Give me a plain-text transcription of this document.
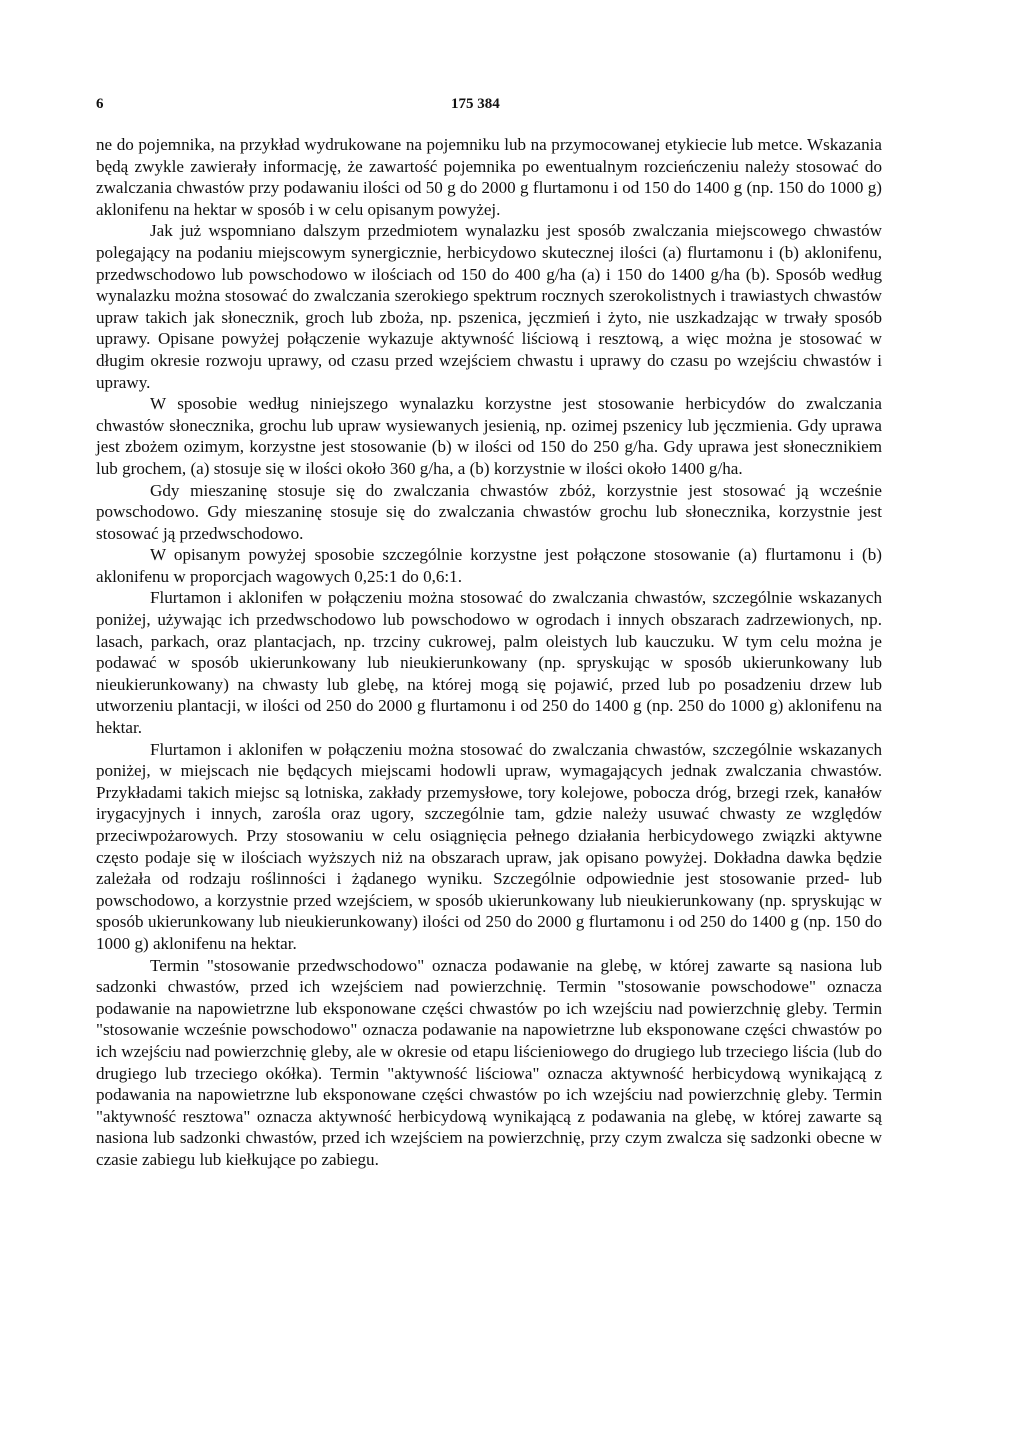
6	175 384

ne do pojemnika, na przykład wydrukowane na pojemniku lub na przymocowanej etykiecie lub metce. Wskazania będą zwykle zawierały informację, że zawartość pojemnika po ewentualnym rozcieńczeniu należy stosować do zwalczania chwastów przy podawaniu ilości od 50 g do 2000 g flurtamonu i od 150 do 1400 g (np. 150 do 1000 g) aklonifenu na hektar w sposób i w celu opisanym powyżej.

Jak już wspomniano dalszym przedmiotem wynalazku jest sposób zwalczania miejscowego chwastów polegający na podaniu miejscowym synergicznie, herbicydowo skutecznej ilości (a) flurtamonu i (b) aklonifenu, przedwschodowo lub powschodowo w ilościach od 150 do 400 g/ha (a) i 150 do 1400 g/ha (b). Sposób według wynalazku można stosować do zwalczania szerokiego spektrum rocznych szerokolistnych i trawiastych chwastów upraw takich jak słonecznik, groch lub zboża, np. pszenica, jęczmień i żyto, nie uszkadzając w trwały sposób uprawy. Opisane powyżej połączenie wykazuje aktywność liściową i resztową, a więc można je stosować w długim okresie rozwoju uprawy, od czasu przed wzejściem chwastu i uprawy do czasu po wzejściu chwastów i uprawy.

W sposobie według niniejszego wynalazku korzystne jest stosowanie herbicydów do zwalczania chwastów słonecznika, grochu lub upraw wysiewanych jesienią, np. ozimej pszenicy lub jęczmienia. Gdy uprawa jest zbożem ozimym, korzystne jest stosowanie (b) w ilości od 150 do 250 g/ha. Gdy uprawa jest słonecznikiem lub grochem, (a) stosuje się w ilości około 360 g/ha, a (b) korzystnie w ilości około 1400 g/ha.

Gdy mieszaninę stosuje się do zwalczania chwastów zbóż, korzystnie jest stosować ją wcześnie powschodowo. Gdy mieszaninę stosuje się do zwalczania chwastów grochu lub słonecznika, korzystnie jest stosować ją przedwschodowo.

W opisanym powyżej sposobie szczególnie korzystne jest połączone stosowanie (a) flurtamonu i (b) aklonifenu w proporcjach wagowych 0,25:1 do 0,6:1.

Flurtamon i aklonifen w połączeniu można stosować do zwalczania chwastów, szczególnie wskazanych poniżej, używając ich przedwschodowo lub powschodowo w ogrodach i innych obszarach zadrzewionych, np. lasach, parkach, oraz plantacjach, np. trzciny cukrowej, palm oleistych lub kauczuku. W tym celu można je podawać w sposób ukierunkowany lub nieukierunkowany (np. spryskując w sposób ukierunkowany lub nieukierunkowany) na chwasty lub glebę, na której mogą się pojawić, przed lub po posadzeniu drzew lub utworzeniu plantacji, w ilości od 250 do 2000 g flurtamonu i od 250 do 1400 g (np. 250 do 1000 g) aklonifenu na hektar.

Flurtamon i aklonifen w połączeniu można stosować do zwalczania chwastów, szczególnie wskazanych poniżej, w miejscach nie będących miejscami hodowli upraw, wymagających jednak zwalczania chwastów. Przykładami takich miejsc są lotniska, zakłady przemysłowe, tory kolejowe, pobocza dróg, brzegi rzek, kanałów irygacyjnych i innych, zarośla oraz ugory, szczególnie tam, gdzie należy usuwać chwasty ze względów przeciwpożarowych. Przy stosowaniu w celu osiągnięcia pełnego działania herbicydowego związki aktywne często podaje się w ilościach wyższych niż na obszarach upraw, jak opisano powyżej. Dokładna dawka będzie zależała od rodzaju roślinności i żądanego wyniku. Szczególnie odpowiednie jest stosowanie przed- lub powschodowo, a korzystnie przed wzejściem, w sposób ukierunkowany lub nieukierunkowany (np. spryskując w sposób ukierunkowany lub nieukierunkowany) ilości od 250 do 2000 g flurtamonu i od 250 do 1400 g (np. 150 do 1000 g) aklonifenu na hektar.

Termin "stosowanie przedwschodowo" oznacza podawanie na glebę, w której zawarte są nasiona lub sadzonki chwastów, przed ich wzejściem nad powierzchnię. Termin "stosowanie powschodowe" oznacza podawanie na napowietrzne lub eksponowane części chwastów po ich wzejściu nad powierzchnię gleby. Termin "stosowanie wcześnie powschodowo" oznacza podawanie na napowietrzne lub eksponowane części chwastów po ich wzejściu nad powierzchnię gleby, ale w okresie od etapu liścieniowego do drugiego lub trzeciego liścia (lub do drugiego lub trzeciego okółka). Termin "aktywność liściowa" oznacza aktywność herbicydową wynikającą z podawania na napowietrzne lub eksponowane części chwastów po ich wzejściu nad powierzchnię gleby. Termin "aktywność resztowa" oznacza aktywność herbicydową wynikającą z podawania na glebę, w której zawarte są nasiona lub sadzonki chwastów, przed ich wzejściem na powierzchnię, przy czym zwalcza się sadzonki obecne w czasie zabiegu lub kiełkujące po zabiegu.
